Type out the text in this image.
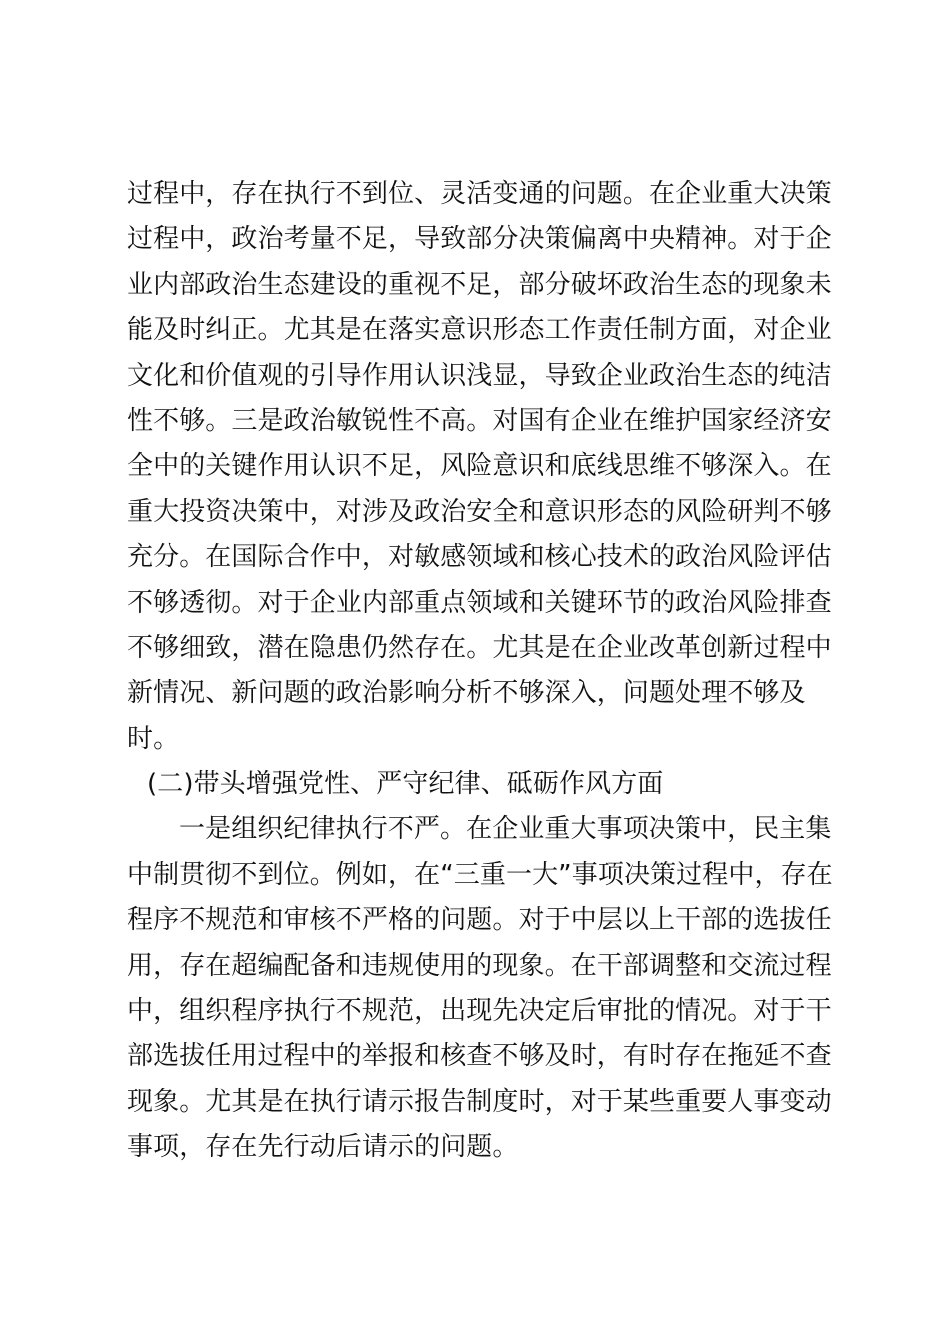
过程中，存在执行不到位、灵活变通的问题。在企业重大决策
过程中，政治考量不足，导致部分决策偏离中央精神。对于企
业内部政治生态建设的重视不足，部分破坏政治生态的现象未
能及时纠正。尤其是在落实意识形态工作责任制方面，对企业
文化和价值观的引导作用认识浅显，导致企业政治生态的纯洁
性不够。三是政治敏锐性不高。对国有企业在维护国家经济安
全中的关键作用认识不足，风险意识和底线思维不够深入。在
重大投资决策中，对涉及政治安全和意识形态的风险研判不够
充分。在国际合作中，对敏感领域和核心技术的政治风险评估
不够透彻。对于企业内部重点领域和关键环节的政治风险排查
不够细致，潜在隐患仍然存在。尤其是在企业改革创新过程中
新情况、新问题的政治影响分析不够深入，问题处理不够及
时。
(二)带头增强党性、严守纪律、砥砺作风方面
一是组织纪律执行不严。在企业重大事项决策中，民主集
中制贯彻不到位。例如，在“三重一大”事项决策过程中，存在
程序不规范和审核不严格的问题。对于中层以上干部的选拔任
用，存在超编配备和违规使用的现象。在干部调整和交流过程
中，组织程序执行不规范，出现先决定后审批的情况。对于干
部选拔任用过程中的举报和核查不够及时，有时存在拖延不查
现象。尤其是在执行请示报告制度时，对于某些重要人事变动
事项，存在先行动后请示的问题。
